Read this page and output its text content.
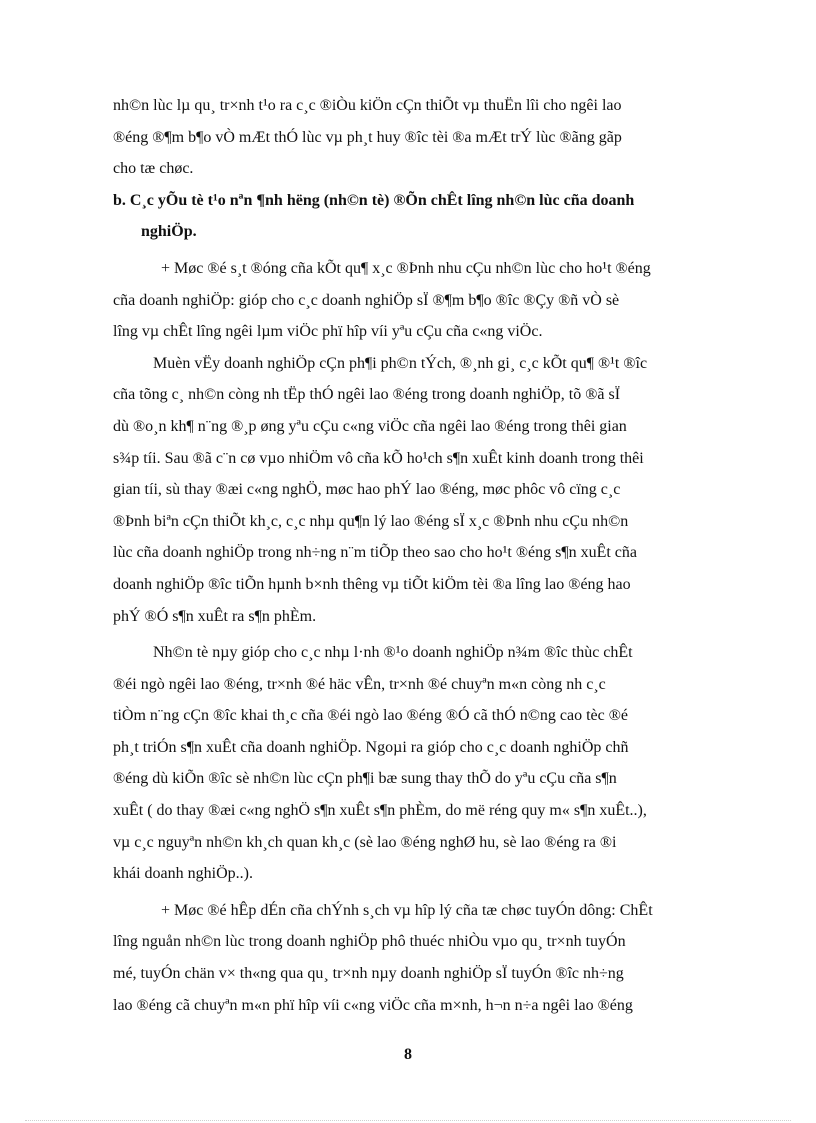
nh©n lùc lµ qu¸ tr×nh t¹o ra c¸c ®iÒu kiÖn cÇn thiÕt vµ thuËn lîi cho ngêi lao
®éng ®¶m b¶o vÒ mÆt thÓ lùc vµ ph¸t huy ®îc tèi ®a mÆt trÝ lùc ®ãng gãp
cho tæ chøc.

b. C¸c yÕu tè t¹o nªn ¶nh hëng (nh©n tè) ®Õn chÊt lîng nh©n lùc cña doanh
nghiÖp.

+ Møc ®é s¸t ®óng cña kÕt qu¶ x¸c ®Þnh nhu cÇu nh©n lùc cho ho¹t ®éng
cña doanh nghiÖp: gióp cho c¸c doanh nghiÖp sÏ ®¶m b¶o ®îc ®Çy ®ñ vÒ sè
lîng vµ chÊt lîng ngêi lµm viÖc phï hîp víi yªu cÇu cña c«ng viÖc.

Muèn vËy doanh nghiÖp cÇn ph¶i ph©n tÝch, ®¸nh gi¸ c¸c kÕt qu¶ ®¹t ®îc
cña tõng c¸ nh©n còng nh tËp thÓ ngêi lao ®éng trong doanh nghiÖp, tõ ®ã sÏ
dù ®o¸n kh¶ n¨ng ®¸p øng yªu cÇu c«ng viÖc cña ngêi lao ®éng trong thêi gian
s¾p tíi. Sau ®ã c¨n cø vµo nhiÖm vô cña kÕ ho¹ch s¶n xuÊt kinh doanh trong thêi
gian tíi, sù thay ®æi c«ng nghÖ, møc hao phÝ lao ®éng, møc phôc vô cïng c¸c
®Þnh biªn cÇn thiÕt kh¸c, c¸c nhµ qu¶n lý lao ®éng sÏ x¸c ®Þnh nhu cÇu nh©n
lùc cña doanh nghiÖp trong nh÷ng n¨m tiÕp theo sao cho ho¹t ®éng s¶n xuÊt cña
doanh nghiÖp ®îc tiÕn hµnh b×nh thêng vµ tiÕt kiÖm tèi ®a lîng lao ®éng hao
phÝ ®Ó s¶n xuÊt ra s¶n phÈm.

Nh©n tè nµy gióp cho c¸c nhµ l·nh ®¹o doanh nghiÖp n¾m ®îc thùc chÊt
®éi ngò ngêi lao ®éng, tr×nh ®é häc vÊn, tr×nh ®é chuyªn m«n còng nh c¸c
tiÒm n¨ng cÇn ®îc khai th¸c cña ®éi ngò lao ®éng ®Ó cã thÓ n©ng cao tèc ®é
ph¸t triÓn s¶n xuÊt cña doanh nghiÖp. Ngoµi ra gióp cho c¸c doanh nghiÖp chñ
®éng dù kiÕn ®îc sè nh©n lùc cÇn ph¶i bæ sung thay thÕ do yªu cÇu cña s¶n
xuÊt ( do thay ®æi c«ng nghÖ s¶n xuÊt s¶n phÈm, do më réng quy m« s¶n xuÊt..),
vµ c¸c nguyªn nh©n kh¸ch quan kh¸c (sè lao ®éng nghØ hu, sè lao ®éng ra ®i
khái doanh nghiÖp..).

+ Møc ®é hÊp dÉn cña chÝnh s¸ch vµ hîp lý cña tæ chøc tuyÓn dông: ChÊt
lîng nguån nh©n lùc trong doanh nghiÖp phô thuéc nhiÒu vµo qu¸ tr×nh tuyÓn
mé, tuyÓn chän v× th«ng qua qu¸ tr×nh nµy doanh nghiÖp sÏ tuyÓn ®îc nh÷ng
lao ®éng cã chuyªn m«n phï hîp víi c«ng viÖc cña m×nh, h¬n n÷a ngêi lao ®éng

8
